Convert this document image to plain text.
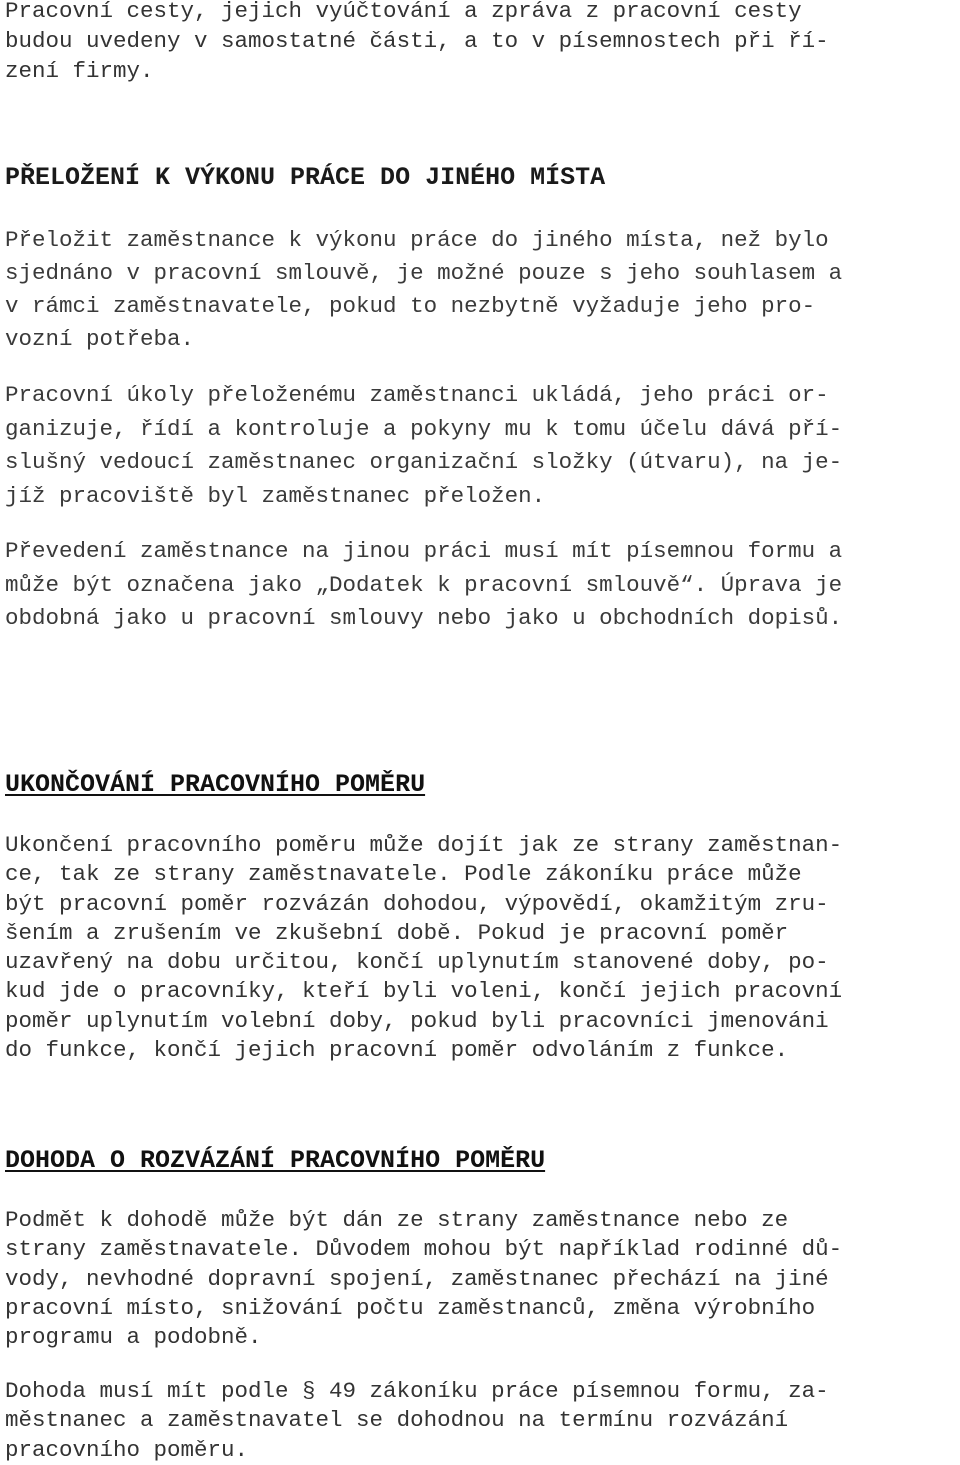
Pracovní cesty, jejich vyúčtování a zpráva z pracovní cesty
budou uvedeny v samostatné části, a to v písemnostech při ří-
zení firmy.
PŘELOŽENÍ K VÝKONU PRÁCE DO JINÉHO MÍSTA
Přeložit zaměstnance k výkonu práce do jiného místa, než bylo
sjednáno v pracovní smlouvě, je možné pouze s jeho souhlasem a
v rámci zaměstnavatele, pokud to nezbytně vyžaduje jeho pro-
vozní potřeba.
Pracovní úkoly přeloženému zaměstnanci ukládá, jeho práci or-
ganizuje, řídí a kontroluje a pokyny mu k tomu účelu dává pří-
slušný vedoucí zaměstnanec organizační složky (útvaru), na je-
jíž pracoviště byl zaměstnanec přeložen.
Převedení zaměstnance na jinou práci musí mít písemnou formu a
může být označena jako „Dodatek k pracovní smlouvě“. Úprava je
obdobná jako u pracovní smlouvy nebo jako u obchodních dopisů.
UKONČOVÁNÍ PRACOVNÍHO POMĚRU
Ukončení pracovního poměru může dojít jak ze strany zaměstnan-
ce, tak ze strany zaměstnavatele. Podle zákoníku práce může
být pracovní poměr rozvázán dohodou, výpovědí, okamžitým zru-
šením a zrušením ve zkušební době. Pokud je pracovní poměr
uzavřený na dobu určitou, končí uplynutím stanovené doby, po-
kud jde o pracovníky, kteří byli voleni, končí jejich pracovní
poměr uplynutím volební doby, pokud byli pracovníci jmenováni
do funkce, končí jejich pracovní poměr odvoláním z funkce.
DOHODA O ROZVÁZÁNÍ PRACOVNÍHO POMĚRU
Podmět k dohodě může být dán ze strany zaměstnance nebo ze
strany zaměstnavatele. Důvodem mohou být například rodinné dů-
vody, nevhodné dopravní spojení, zaměstnanec přechází na jiné
pracovní místo, snižování počtu zaměstnanců, změna výrobního
programu a podobně.
Dohoda musí mít podle § 49 zákoníku práce písemnou formu, za-
městnanec a zaměstnavatel se dohodnou na termínu rozvázání
pracovního poměru.
